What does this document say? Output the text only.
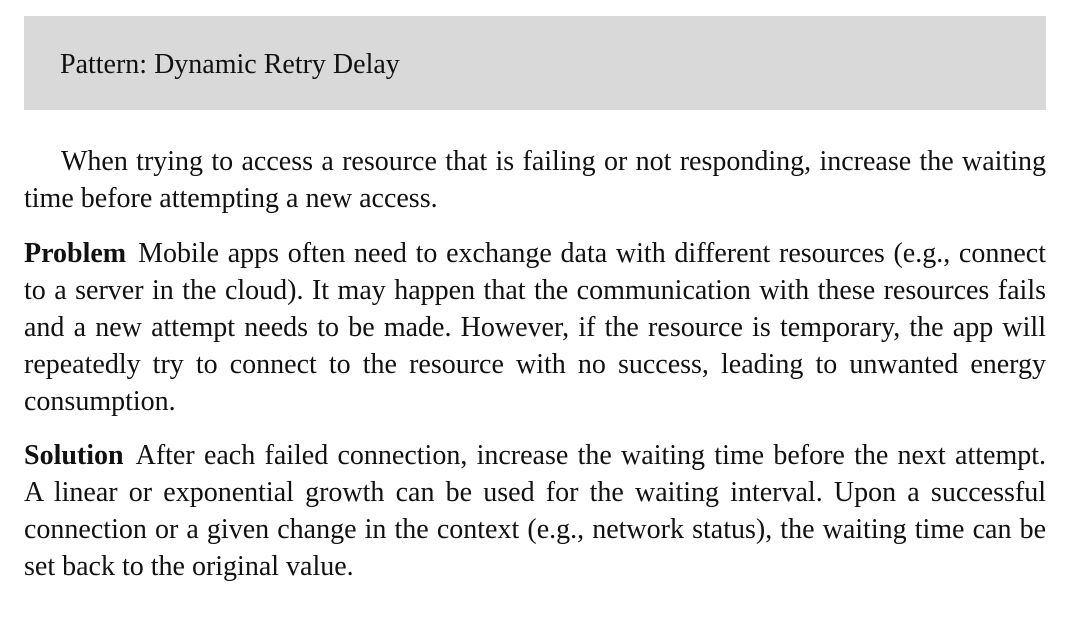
Pattern: Dynamic Retry Delay
When trying to access a resource that is failing or not responding, increase the waiting time before attempting a new access.
Problem Mobile apps often need to exchange data with different resources (e.g., connect to a server in the cloud). It may happen that the communication with these resources fails and a new attempt needs to be made. However, if the resource is temporary, the app will repeatedly try to connect to the resource with no success, leading to unwanted energy consumption.
Solution After each failed connection, increase the waiting time before the next attempt. A linear or exponential growth can be used for the waiting interval. Upon a successful connection or a given change in the context (e.g., network status), the waiting time can be set back to the original value.
